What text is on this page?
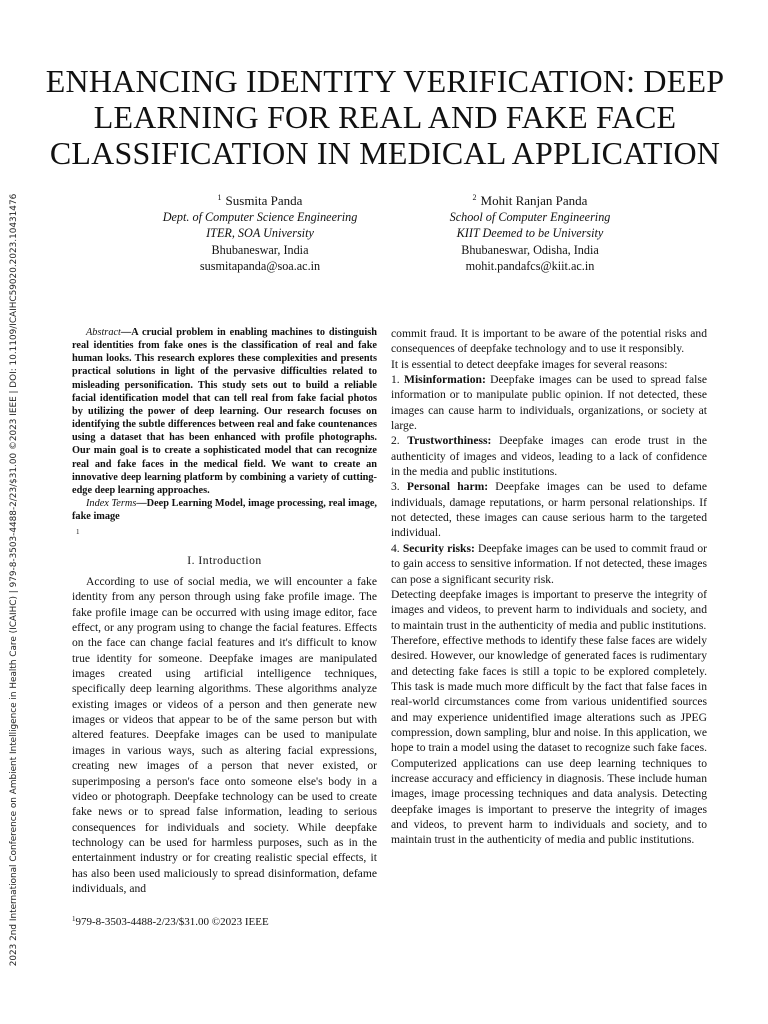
2023 2nd International Conference on Ambient Intelligence in Health Care (ICAIHC) | 979-8-3503-4488-2/23/$31.00 ©2023 IEEE | DOI: 10.1109/ICAIHC59020.2023.10431476
ENHANCING IDENTITY VERIFICATION: DEEP
LEARNING FOR REAL AND FAKE FACE
CLASSIFICATION IN MEDICAL APPLICATION
$^1$ Susmita Panda
Dept. of Computer Science Engineering
ITER, SOA University
Bhubaneswar, India
susmitapanda@soa.ac.in
$^2$ Mohit Ranjan Panda
School of Computer Engineering
KIIT Deemed to be University
Bhubaneswar, Odisha, India
mohit.pandafcs@kiit.ac.in

Abstract—A crucial problem in enabling machines to distinguish real identities from fake ones is the classification of real and fake human looks. This research explores these complexities and presents practical solutions in light of the pervasive difficulties related to misleading personification. This study sets out to build a reliable facial identification model that can tell real from fake facial photos by utilizing the power of deep learning. Our research focuses on identifying the subtle differences between real and fake countenances using a dataset that has been enhanced with profile photographs. Our main goal is to create a sophisticated model that can recognize real and fake faces in the medical field. We want to create an innovative deep learning platform by combining a variety of cutting-edge deep learning approaches.

Index Terms—Deep Learning Model, image processing, real image, fake image

1
I. Introduction

According to use of social media, we will encounter a fake identity from any person through using fake profile image. The fake profile image can be occurred with using image editor, face effect, or any program using to change the facial features. Effects on the face can change facial features and it's difficult to know true identity for someone. Deepfake images are manipulated images created using artificial intelligence techniques, specifically deep learning algorithms. These algorithms analyze existing images or videos of a person and then generate new images or videos that appear to be of the same person but with altered features. Deepfake images can be used to manipulate images in various ways, such as altering facial expressions, creating new images of a person that never existed, or superimposing a person's face onto someone else's body in a video or photograph. Deepfake technology can be used to create fake news or to spread false information, leading to serious consequences for individuals and society. While deepfake technology can be used for harmless purposes, such as in the entertainment industry or for creating realistic special effects, it has also been used maliciously to spread disinformation, defame individuals, and

commit fraud. It is important to be aware of the potential risks and consequences of deepfake technology and to use it responsibly.

It is essential to detect deepfake images for several reasons:

1. Misinformation: Deepfake images can be used to spread false information or to manipulate public opinion. If not detected, these images can cause harm to individuals, organizations, or society at large.

2. Trustworthiness: Deepfake images can erode trust in the authenticity of images and videos, leading to a lack of confidence in the media and public institutions.

3. Personal harm: Deepfake images can be used to defame individuals, damage reputations, or harm personal relationships. If not detected, these images can cause serious harm to the targeted individual.

4. Security risks: Deepfake images can be used to commit fraud or to gain access to sensitive information. If not detected, these images can pose a significant security risk.

Detecting deepfake images is important to preserve the integrity of images and videos, to prevent harm to individuals and society, and to maintain trust in the authenticity of media and public institutions.

Therefore, effective methods to identify these false faces are widely desired. However, our knowledge of generated faces is rudimentary and detecting fake faces is still a topic to be explored completely. This task is made much more difficult by the fact that false faces in real-world circumstances come from various unidentified sources and may experience unidentified image alterations such as JPEG compression, down sampling, blur and noise. In this application, we hope to train a model using the dataset to recognize such fake faces. Computerized applications can use deep learning techniques to increase accuracy and efficiency in diagnosis. These include human images, image processing techniques and data analysis. Detecting deepfake images is important to preserve the integrity of images and videos, to prevent harm to individuals and society, and to maintain trust in the authenticity of media and public institutions.

$^1$979-8-3503-4488-2/23/$31.00 ©2023 IEEE
